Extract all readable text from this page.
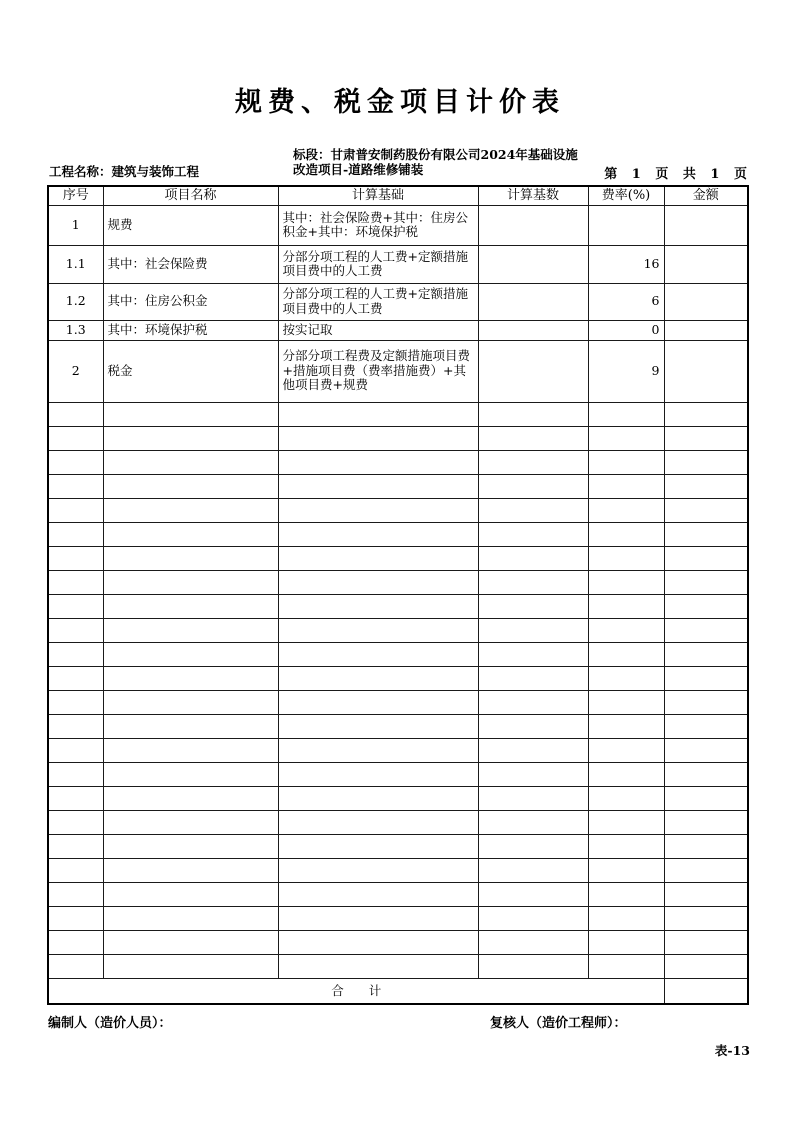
规费、税金项目计价表
工程名称：建筑与装饰工程
标段：甘肃普安制药股份有限公司2024年基础设施
改造项目-道路维修铺装	第 1 页 共 1 页
序号	项目名称	计算基础	计算基数	费率(%)	金额
1	规费	其中：社会保险费+其中：住房公积金+其中：环境保护税			
1.1	其中：社会保险费	分部分项工程的人工费+定额措施项目费中的人工费		16	
1.2	其中：住房公积金	分部分项工程的人工费+定额措施项目费中的人工费		6	
1.3	其中：环境保护税	按实记取		0	
2	税金	分部分项工程费及定额措施项目费+措施项目费（费率措施费）+其他项目费+规费		9	

合　　计					
编制人（造价人员）：	复核人（造价工程师）：
表-13
